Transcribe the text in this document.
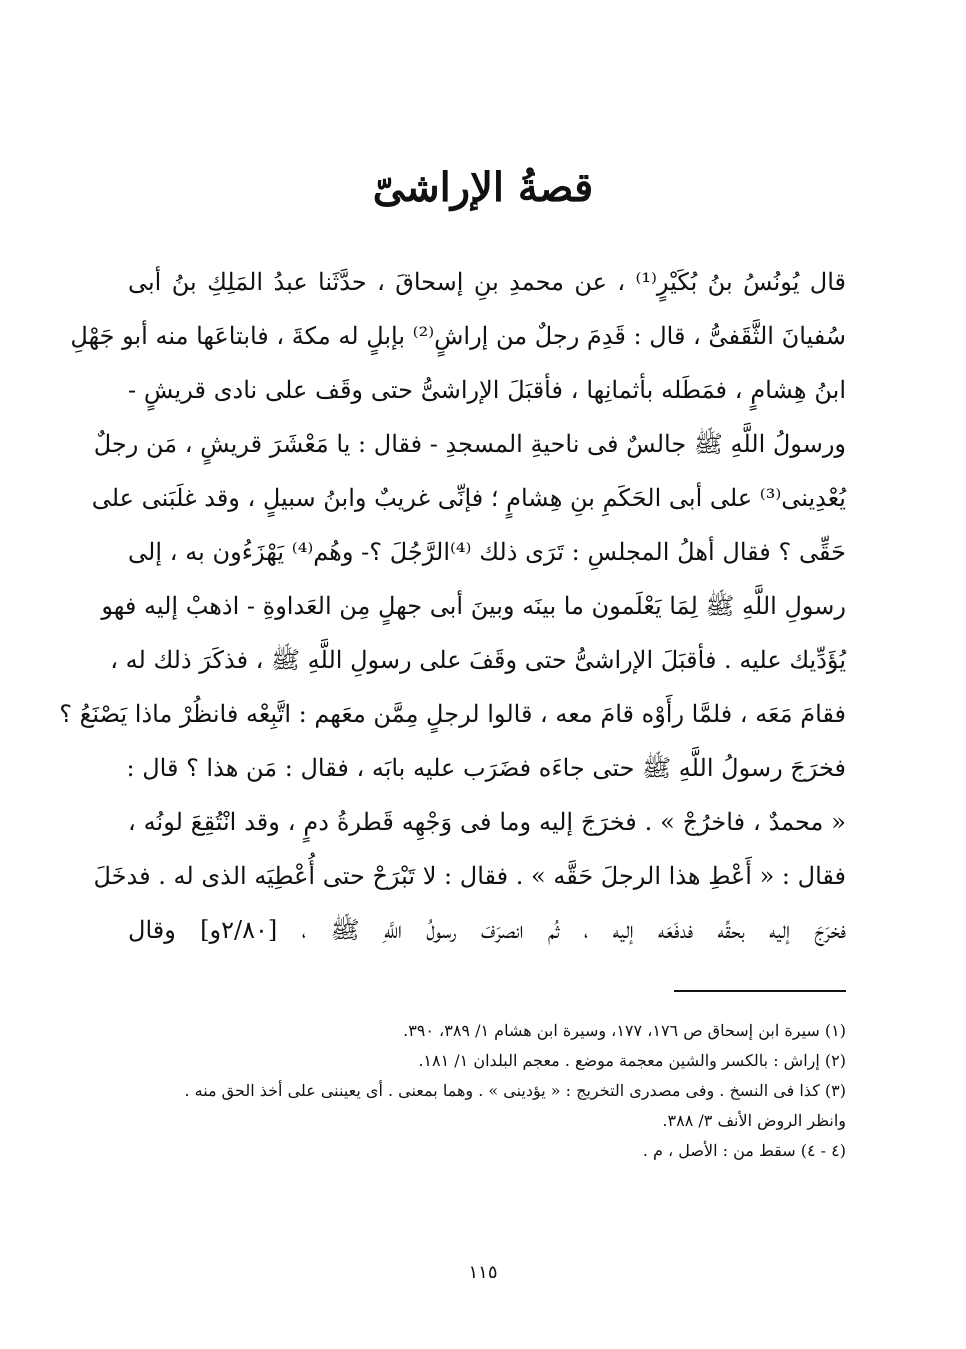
قصةُ الإراشىّ
قال يُونُسُ بنُ بُكَيْرٍ⁽¹⁾ ، عن محمدِ بنِ إسحاقَ ، حدَّثَنا عبدُ المَلِكِ بنُ أبى
سُفيانَ الثَّقَفىُّ ، قال : قَدِمَ رجلٌ من إراشٍ⁽²⁾ بإبلٍ له مكةَ ، فابتاعَها منه أبو جَهْلِ
ابنُ هِشامٍ ، فمَطَله بأثمانِها ، فأقبَلَ الإراشىُّ حتى وقَف على نادى قريشٍ -
ورسولُ اللَّهِ ﷺ جالسٌ فى ناحيةِ المسجدِ - فقال : يا مَعْشَرَ قريشٍ ، مَن رجلٌ
يُعْدِينى⁽³⁾ على أبى الحَكَمِ بنِ هِشامٍ ؛ فإنِّى غريبٌ وابنُ سبيلٍ ، وقد غلَبَنى على
حَقِّى ؟ فقال أهلُ المجلسِ : تَرَى ذلك ⁽⁴⁾الرَّجُلَ ؟- وهُم⁽⁴⁾ يَهْزَءُون به ، إلى
رسولِ اللَّهِ ﷺ لِمَا يَعْلَمون ما بينَه وبينَ أبى جهلٍ مِن العَداوةِ - اذهبْ إليه فهو
يُؤَدِّيك عليه . فأقبَلَ الإراشىُّ حتى وقَفَ على رسولِ اللَّهِ ﷺ ، فذكَرَ ذلك له ،
فقامَ مَعَه ، فلمَّا رأَوْه قامَ معه ، قالوا لرجلٍ مِمَّن معَهم : اتَّبِعْه فانظُرْ ماذا يَصْنَعُ ؟
فخرَجَ رسولُ اللَّهِ ﷺ حتى جاءَه فضَرَب عليه بابَه ، فقال : مَن هذا ؟ قال :
« محمدٌ ، فاخرُجْ » . فخرَجَ إليه وما فى وَجْهِه قَطرةُ دمٍ ، وقد انْتُقِعَ لونُه ،
فقال : « أَعْطِ هذا الرجلَ حَقَّه » . فقال : لا تَبْرَحْ حتى أُعْطِيَه الذى له . فدخَلَ
فخرَجَ إليه بحقِّه فدفَعَه إليه ، ثُم انصرَفَ رسولُ اللَّهِ ﷺ ، [٢/٨٠و] وقال
(١) سيرة ابن إسحاق ص ١٧٦، ١٧٧، وسيرة ابن هشام ١/ ٣٨٩، ٣٩٠.
(٢) إراش : بالكسر والشين معجمة موضع . معجم البلدان ١/ ١٨١.
(٣) كذا فى النسخ . وفى مصدرى التخريج : « يؤدينى » . وهما بمعنى . أى يعيننى على أخذ الحق منه .
وانظر الروض الأنف ٣/ ٣٨٨.
(٤ - ٤) سقط من : الأصل ، م .
١١٥
